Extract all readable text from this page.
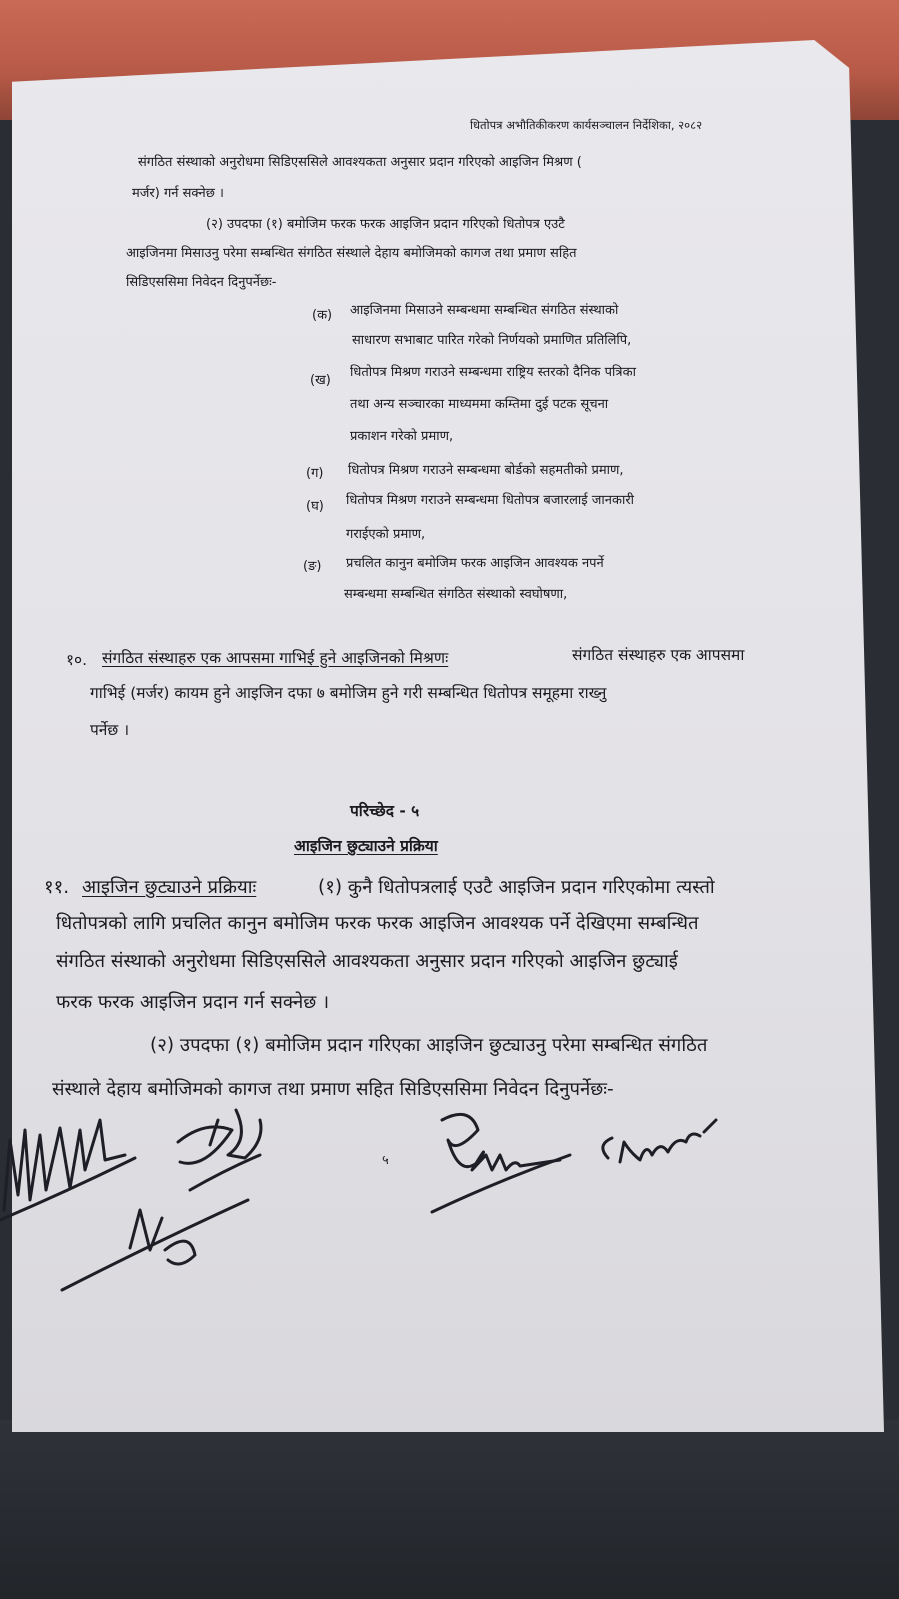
धितोपत्र अभौतिकीकरण कार्यसञ्चालन निर्देशिका, २०८२
संगठित संस्थाको अनुरोधमा सिडिएससिले आवश्यकता अनुसार प्रदान गरिएको आइजिन मिश्रण (
मर्जर) गर्न सक्नेछ ।
(२) उपदफा (१) बमोजिम फरक फरक आइजिन प्रदान गरिएको धितोपत्र एउटै
आइजिनमा मिसाउनु परेमा सम्बन्धित संगठित संस्थाले देहाय बमोजिमको कागज तथा प्रमाण सहित
सिडिएससिमा निवेदन दिनुपर्नेछः-
(क) आइजिनमा मिसाउने सम्बन्धमा सम्बन्धित संगठित संस्थाको
साधारण सभाबाट पारित गरेको निर्णयको प्रमाणित प्रतिलिपि,
(ख)
धितोपत्र मिश्रण गराउने सम्बन्धमा राष्ट्रिय स्तरको दैनिक पत्रिका
तथा अन्य सञ्चारका माध्यममा कम्तिमा दुई पटक सूचना
प्रकाशन गरेको प्रमाण,
(ग) धितोपत्र मिश्रण गराउने सम्बन्धमा बोर्डको सहमतीको प्रमाण,
(घ) धितोपत्र मिश्रण गराउने सम्बन्धमा धितोपत्र बजारलाई जानकारी
गराईएको प्रमाण,
(ङ) प्रचलित कानुन बमोजिम फरक आइजिन आवश्यक नपर्ने
सम्बन्धमा सम्बन्धित संगठित संस्थाको स्वघोषणा,
१०. संगठित संस्थाहरु एक आपसमा गाभिई हुने आइजिनको मिश्रणः	संगठित संस्थाहरु एक आपसमा
गाभिई (मर्जर) कायम हुने आइजिन दफा ७ बमोजिम हुने गरी सम्बन्धित धितोपत्र समूहमा राख्नु
पर्नेछ ।
परिच्छेद - ५
आइजिन छुट्याउने प्रक्रिया
११. आइजिन छुट्याउने प्रक्रियाः	(१) कुनै धितोपत्रलाई एउटै आइजिन प्रदान गरिएकोमा त्यस्तो
धितोपत्रको लागि प्रचलित कानुन बमोजिम फरक फरक आइजिन आवश्यक पर्ने देखिएमा सम्बन्धित
संगठित संस्थाको अनुरोधमा सिडिएससिले आवश्यकता अनुसार प्रदान गरिएको आइजिन छुट्याई
फरक फरक आइजिन प्रदान गर्न सक्नेछ ।
(२) उपदफा (१) बमोजिम प्रदान गरिएका आइजिन छुट्याउनु परेमा सम्बन्धित संगठित
संस्थाले देहाय बमोजिमको कागज तथा प्रमाण सहित सिडिएससिमा निवेदन दिनुपर्नेछः-
५
